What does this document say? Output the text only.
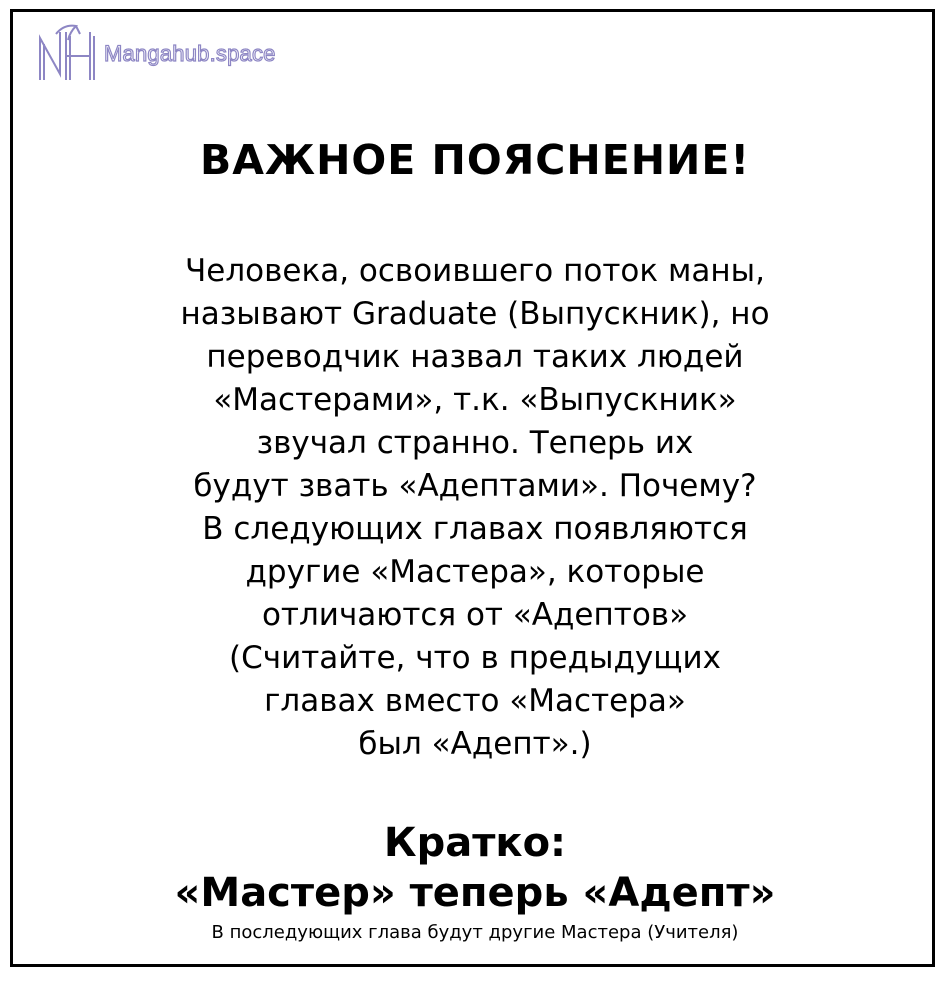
Mangahub.space
ВАЖНОЕ ПОЯСНЕНИЕ!
Человека, освоившего поток маны,
называют Graduate (Выпускник), но
переводчик назвал таких людей
«Мастерами», т.к. «Выпускник»
звучал странно. Теперь их
будут звать «Адептами». Почему?
В следующих главах появляются
другие «Мастера», которые
отличаются от «Адептов»
(Считайте, что в предыдущих
главах вместо «Мастера»
был «Адепт».)
Кратко:
«Мастер» теперь «Адепт»
В последующих глава будут другие Мастера (Учителя)
